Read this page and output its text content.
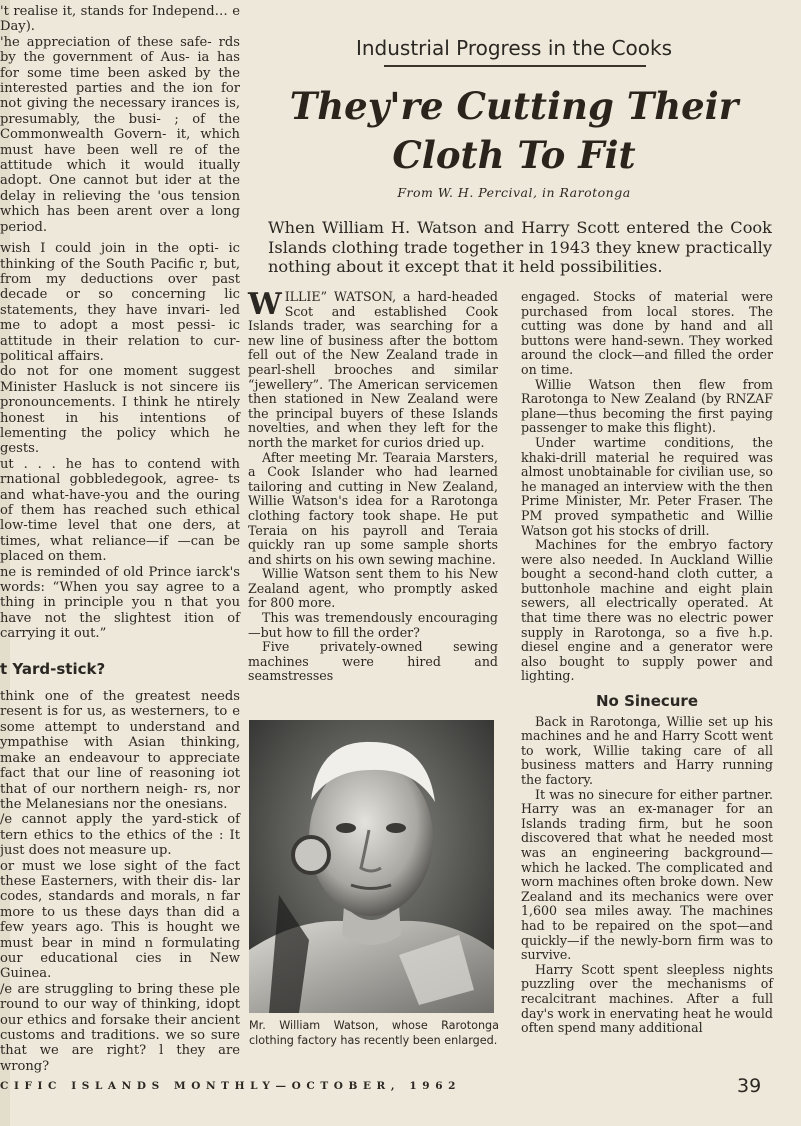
't realise it, stands for Independ… e Day).

'he appreciation of these safe- rds by the government of Aus- ia has for some time been asked by the interested parties and the ion for not giving the necessary irances is, presumably, the busi- ; of the Commonwealth Govern- it, which must have been well re of the attitude which it would itually adopt. One cannot but ider at the delay in relieving the 'ous tension which has been arent over a long period.

wish I could join in the opti- ic thinking of the South Pacific r, but, from my deductions over past decade or so concerning lic statements, they have invari- led me to adopt a most pessi- ic attitude in their relation to cur- political affairs.

do not for one moment suggest Minister Hasluck is not sincere iis pronouncements. I think he ntirely honest in his intentions of lementing the policy which he gests.

ut . . . he has to contend with rnational gobbledegook, agree- ts and what-have-you and the ouring of them has reached such ethical low-time level that one ders, at times, what reliance—if —can be placed on them.

ne is reminded of old Prince iarck's words: “When you say agree to a thing in principle you n that you have not the slightest ition of carrying it out.”

t Yard-stick?

think one of the greatest needs resent is for us, as westerners, to e some attempt to understand and ympathise with Asian thinking, make an endeavour to appreciate fact that our line of reasoning iot that of our northern neigh- rs, nor the Melanesians nor the onesians.

/e cannot apply the yard-stick of tern ethics to the ethics of the : It just does not measure up.

or must we lose sight of the fact these Easterners, with their dis- lar codes, standards and morals, n far more to us these days than did a few years ago. This is hought we must bear in mind n formulating our educational cies in New Guinea.

/e are struggling to bring these ple round to our way of thinking, idopt our ethics and forsake their ancient customs and traditions. we so sure that we are right? l they are wrong?

Industrial Progress in the Cooks
They're Cutting Their
Cloth To Fit
From W. H. Percival, in Rarotonga
When William H. Watson and Harry Scott entered the Cook Islands clothing trade together in 1943 they knew practically nothing about it except that it held possibilities.

WILLIE” WATSON, a hard-headed Scot and established Cook Islands trader, was searching for a new line of business after the bottom fell out of the New Zealand trade in pearl-shell brooches and similar “jewellery”. The American servicemen then stationed in New Zealand were the principal buyers of these Islands novelties, and when they left for the north the market for curios dried up.

After meeting Mr. Tearaia Marsters, a Cook Islander who had learned tailoring and cutting in New Zealand, Willie Watson's idea for a Rarotonga clothing factory took shape. He put Teraia on his payroll and Teraia quickly ran up some sample shorts and shirts on his own sewing machine.

Willie Watson sent them to his New Zealand agent, who promptly asked for 800 more.

This was tremendously encouraging—but how to fill the order?

Five privately-owned sewing machines were hired and seamstresses

Mr. William Watson, whose Rarotonga clothing factory has recently been enlarged.

engaged. Stocks of material were purchased from local stores. The cutting was done by hand and all buttons were hand-sewn. They worked around the clock—and filled the order on time.

Willie Watson then flew from Rarotonga to New Zealand (by RNZAF plane—thus becoming the first paying passenger to make this flight).

Under wartime conditions, the khaki-drill material he required was almost unobtainable for civilian use, so he managed an interview with the then Prime Minister, Mr. Peter Fraser. The PM proved sympathetic and Willie Watson got his stocks of drill.

Machines for the embryo factory were also needed. In Auckland Willie bought a second-hand cloth cutter, a buttonhole machine and eight plain sewers, all electrically operated. At that time there was no electric power supply in Rarotonga, so a five h.p. diesel engine and a generator were also bought to supply power and lighting.

No Sinecure

Back in Rarotonga, Willie set up his machines and he and Harry Scott went to work, Willie taking care of all business matters and Harry running the factory.

It was no sinecure for either partner. Harry was an ex-manager for an Islands trading firm, but he soon discovered that what he needed most was an engineering background—which he lacked. The complicated and worn machines often broke down. New Zealand and its mechanics were over 1,600 sea miles away. The machines had to be repaired on the spot—and quickly—if the newly-born firm was to survive.

Harry Scott spent sleepless nights puzzling over the mechanisms of recalcitrant machines. After a full day's work in enervating heat he would often spend many additional

CIFIC ISLANDS MONTHLY—OCTOBER, 1962	39
